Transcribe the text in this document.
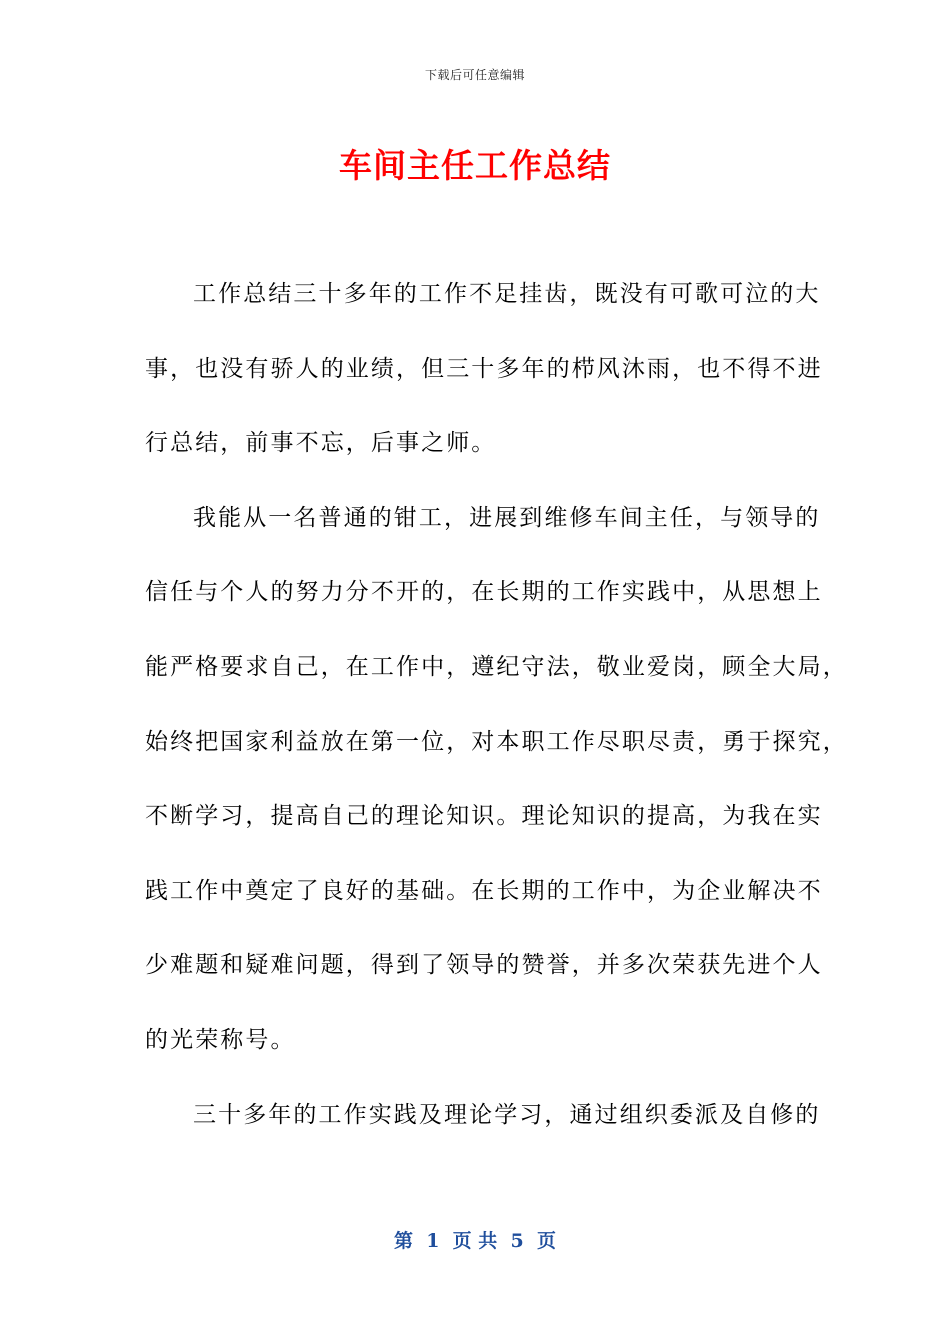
下载后可任意编辑
车间主任工作总结
工作总结三十多年的工作不足挂齿，既没有可歌可泣的大
事，也没有骄人的业绩，但三十多年的栉风沐雨，也不得不进
行总结，前事不忘，后事之师。
我能从一名普通的钳工，进展到维修车间主任，与领导的
信任与个人的努力分不开的，在长期的工作实践中，从思想上
能严格要求自己，在工作中，遵纪守法，敬业爱岗，顾全大局，
始终把国家利益放在第一位，对本职工作尽职尽责，勇于探究，
不断学习，提高自己的理论知识。理论知识的提高，为我在实
践工作中奠定了良好的基础。在长期的工作中，为企业解决不
少难题和疑难问题，得到了领导的赞誉，并多次荣获先进个人
的光荣称号。
三十多年的工作实践及理论学习，通过组织委派及自修的
第  1  页 共  5  页
